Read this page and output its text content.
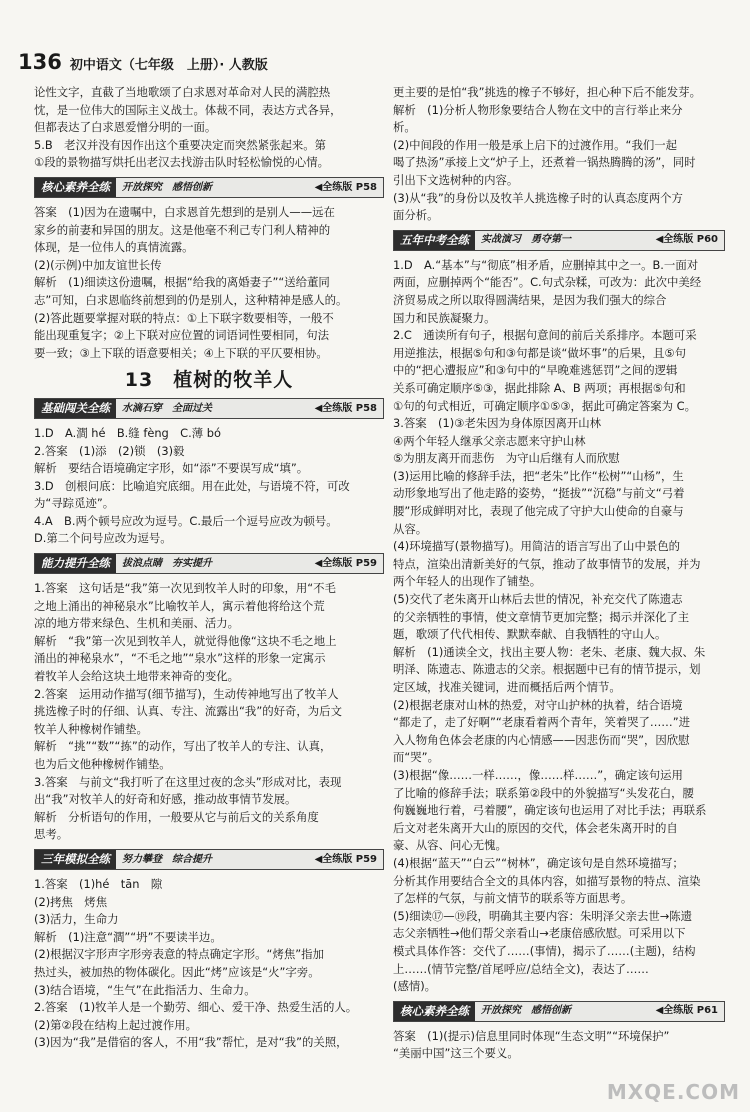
136 初中语文（七年级　上册）· 人教版

论性文字，直截了当地歌颂了白求恩对革命对人民的满腔热

忱，是一位伟大的国际主义战士。体裁不同，表达方式各异，

但都表达了白求恩爱憎分明的一面。

5.B　老汉并没有因作出这个重要决定而突然紧张起来。第

①段的景物描写烘托出老汉去找游击队时轻松愉悦的心情。

核心素养全练	开放探究　感悟创新	◀全练版 P58

答案　(1)因为在遗嘱中，白求恩首先想到的是别人——远在

家乡的前妻和异国的朋友。这是他毫不利己专门利人精神的

体现，是一位伟人的真情流露。

(2)(示例)中加友谊世长传

解析　(1)细读这份遗嘱，根据“给我的离婚妻子”“送给董同

志”可知，白求恩临终前想到的仍是别人，这种精神是感人的。

(2)答此题要掌握对联的特点：①上下联字数要相等，一般不

能出现重复字；②上下联对应位置的词语词性要相同，句法

要一致；③上下联的语意要相关；④上下联的平仄要相协。

13　植树的牧羊人
基础闯关全练	水滴石穿　全面过关	◀全练版 P58

1.D　A.澗 hé　B.缝 fèng　C.薄 bó

2.答案　(1)添　(2)锁　(3)毅

解析　要结合语境确定字形，如“添”不要误写成“填”。

3.D　创根问底：比喻追究底细。用在此处，与语境不符，可改

为“寻踪觅迹”。

4.A　B.两个顿号应改为逗号。C.最后一个逗号应改为顿号。

D.第二个问号应改为逗号。

能力提升全练	拔浪点睛　夯实提升	◀全练版 P59

1.答案　这句话是“我”第一次见到牧羊人时的印象，用“不毛

之地上涌出的神秘泉水”比喻牧羊人，寓示着他将给这个荒

凉的地方带来绿色、生机和美丽、活力。

解析　“我”第一次见到牧羊人，就觉得他像“这块不毛之地上

涌出的神秘泉水”，“不毛之地”“泉水”这样的形象一定寓示

着牧羊人会给这块土地带来神奇的变化。

2.答案　运用动作描写(细节描写)，生动传神地写出了牧羊人

挑选橡子时的仔细、认真、专注、流露出“我”的好奇，为后文

牧羊人种橡树作铺垫。

解析　“挑”“数”“拣”的动作，写出了牧羊人的专注、认真，

也为后文他种橡树作铺垫。

3.答案　与前文“我打听了在这里过夜的念头”形成对比，表现

出“我”对牧羊人的好奇和好感，推动故事情节发展。

解析　分析语句的作用，一般要从它与前后文的关系角度

思考。

三年模拟全练	努力攀登　综合提升	◀全练版 P59

1.答案　(1)hé　tān　隙

(2)拷焦　烤焦

(3)活力，生命力

解析　(1)注意“澗”“坍”不要读半边。

(2)根据汉字形声字形旁表意的特点确定字形。“烤焦”指加

热过头，被加热的物体碳化。因此“烤”应该是“火”字旁。

(3)结合语境，“生气”在此指活力、生命力。

2.答案　(1)牧羊人是一个勤劳、细心、爱干净、热爱生活的人。

(2)第②段在结构上起过渡作用。

(3)因为“我”是借宿的客人，不用“我”帮忙，是对“我”的关照，

更主要的是怕“我”挑选的橡子不够好，担心种下后不能发芽。

解析　(1)分析人物形象要结合人物在文中的言行举止来分

析。

(2)中间段的作用一般是承上启下的过渡作用。“我们一起

喝了热汤”承接上文“炉子上，还煮着一锅热腾腾的汤”，同时

引出下文选树种的内容。

(3)从“我”的身份以及牧羊人挑选橡子时的认真态度两个方

面分析。

五年中考全练	实战演习　勇夺第一	◀全练版 P60

1.D　A.“基本”与“彻底”相矛盾，应删掉其中之一。B.一面对

两面，应删掉两个“能否”。C.句式杂糅，可改为：此次中美经

济贸易成之所以取得圆满结果，是因为我们强大的综合

国力和民族凝聚力。

2.C　通读所有句子，根据句意间的前后关系排序。本题可采

用逆推法，根据⑤句和③句都是谈“做坏事”的后果，且⑤句

中的“把心遭报应”和③句中的“早晚难逃惩罚”之间的逻辑

关系可确定顺序⑤③，据此排除 A、B 两项；再根据⑤句和

①句的句式相近，可确定顺序①⑤③，据此可确定答案为 C。

3.答案　(1)③老朱因为身体原因离开山林

④两个年轻人继承父亲志愿来守护山林

⑤为朋友离开而悲伤　为守山后继有人而欣慰

(3)运用比喻的修辞手法，把“老朱”比作“松树”“山杨”，生

动形象地写出了他走路的姿势，“挺拔”“沉稳”与前文“弓着

腰”形成鲜明对比，表现了他完成了守护大山使命的自豪与

从容。

(4)环境描写(景物描写)。用简洁的语言写出了山中景色的

特点，渲染出清新美好的气氛，推动了故事情节的发展，并为

两个年轻人的出现作了铺垫。

(5)交代了老朱离开山林后去世的情况，补充交代了陈遗志

的父亲牺牲的事情，使文章情节更加完整；揭示并深化了主

题，歌颂了代代相传、默默奉献、自我牺牲的守山人。

解析　(1)通读全文，找出主要人物：老朱、老康、魏大叔、朱

明泽、陈遗志、陈遗志的父亲。根据题中已有的情节提示，划

定区域，找准关键词，进而概括后两个情节。

(2)根据老康对山林的热爱，对守山护林的执着，结合语境

“都走了，走了好啊”“老康看着两个青年，笑着哭了……”进

入人物角色体会老康的内心情感——因悲伤而“哭”，因欣慰

而“哭”。

(3)根据“像……一样……，像……样……”，确定该句运用

了比喻的修辞手法；联系第②段中的外貌描写“头发花白，腰

佝巍巍地行着，弓着腰”，确定该句也运用了对比手法；再联系

后文对老朱离开大山的原因的交代，体会老朱离开时的自

豪、从容、问心无愧。

(4)根据“蓝天”“白云”“树林”，确定该句是自然环境描写；

分析其作用要结合全文的具体内容，如描写景物的特点、渲染

了怎样的气氛，与前文情节的联系等方面思考。

(5)细读⑰—⑲段，明确其主要内容：朱明泽父亲去世→陈遗

志父亲牺牲→他们帮父亲看山→老康倍感欣慰。可采用以下

模式具体作答：交代了……(事情)，揭示了……(主题)，结构

上……(情节完整/首尾呼应/总结全文)，表达了……

(感情)。

核心素养全练	开放探究　感悟创新	◀全练版 P61

答案　(1)(提示)信息里同时体现“生态文明”“环境保护”

“美丽中国”这三个要义。

MXQE.COM
